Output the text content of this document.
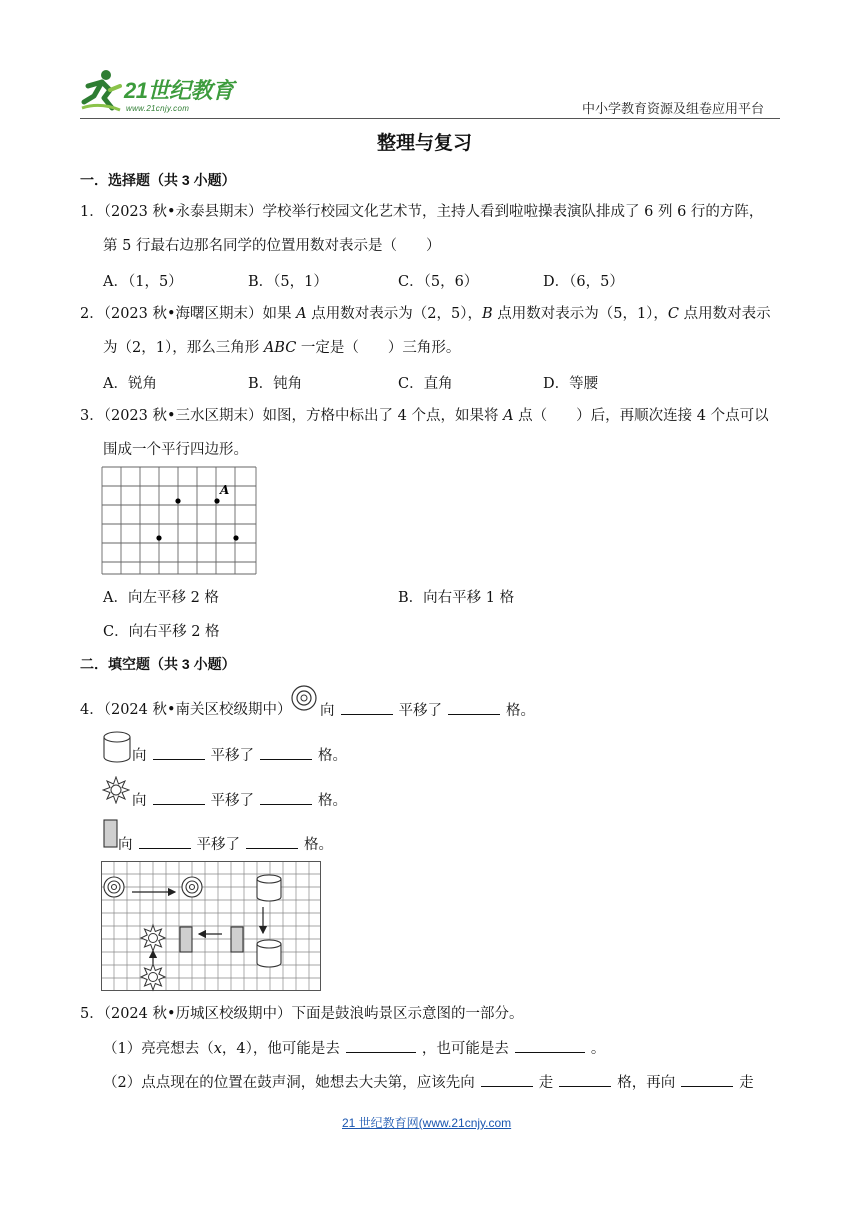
21世纪教育
www.21cnjy.com	中小学教育资源及组卷应用平台
整理与复习
一．选择题（共 3 小题）
1．（2023 秋•永泰县期末）学校举行校园文化艺术节，主持人看到啦啦操表演队排成了 6 列 6 行的方阵，
第 5 行最右边那名同学的位置用数对表示是（　　）
A．（1，5）	B．（5，1）	C．（5，6）	D．（6，5）
2．（2023 秋•海曙区期末）如果 A 点用数对表示为（2，5），B 点用数对表示为（5，1），C 点用数对表示
为（2，1），那么三角形 ABC 一定是（　　）三角形。
A．锐角	B．钝角	C．直角	D．等腰
3．（2023 秋•三水区期末）如图，方格中标出了 4 个点，如果将 A 点（　　）后，再顺次连接 4 个点可以
围成一个平行四边形。
A
A．向左平移 2 格	B．向右平移 1 格
C．向右平移 2 格
二．填空题（共 3 小题）
4．（2024 秋•南关区校级期中） 向	平移了	格。
向	平移了	格。
向	平移了	格。
向	平移了	格。
5．（2024 秋•历城区校级期中）下面是鼓浪屿景区示意图的一部分。
（1）亮亮想去（x，4），他可能是去	，也可能是去	。
（2）点点现在的位置在鼓声洞，她想去大夫第，应该先向	走	格，再向	走
21 世纪教育网(www.21cnjy.com
